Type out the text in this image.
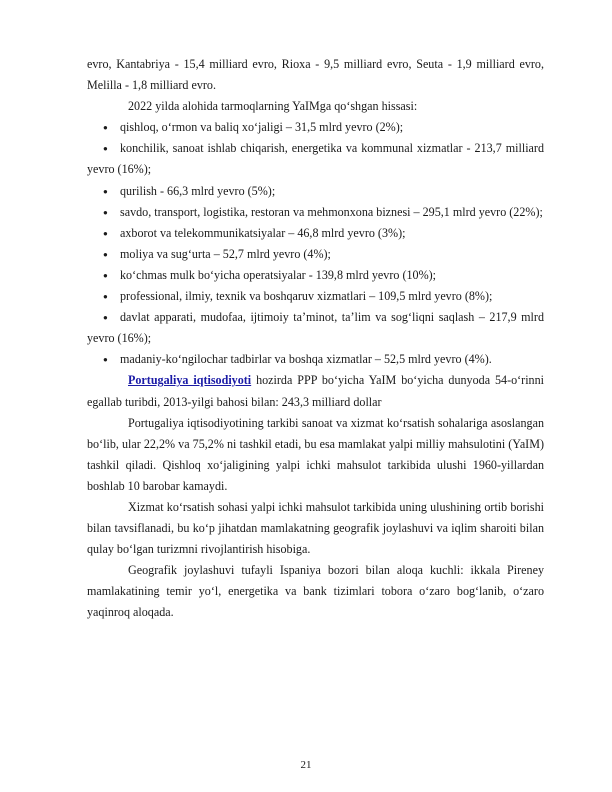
evro, Kantabriya - 15,4 milliard evro, Rioxa - 9,5 milliard evro, Seuta - 1,9 milliard evro, Melilla - 1,8 milliard evro.

2022 yilda alohida tarmoqlarning YaIMga qo‘shgan hissasi:

●	qishloq, o‘rmon va baliq xo‘jaligi – 31,5 mlrd yevro (2%);
●	konchilik, sanoat ishlab chiqarish, energetika va kommunal xizmatlar - 213,7 milliard yevro (16%);
●	qurilish - 66,3 mlrd yevro (5%);
●	savdo, transport, logistika, restoran va mehmonxona biznesi – 295,1 mlrd yevro (22%);
●	axborot va telekommunikatsiyalar – 46,8 mlrd yevro (3%);
●	moliya va sug‘urta – 52,7 mlrd yevro (4%);
●	ko‘chmas mulk bo‘yicha operatsiyalar - 139,8 mlrd yevro (10%);
●	professional, ilmiy, texnik va boshqaruv xizmatlari – 109,5 mlrd yevro (8%);
●	davlat apparati, mudofaa, ijtimoiy ta’minot, ta’lim va sog‘liqni saqlash – 217,9 mlrd yevro (16%);
●	madaniy-ko‘ngilochar tadbirlar va boshqa xizmatlar – 52,5 mlrd yevro (4%).

Portugaliya iqtisodiyoti hozirda PPP bo‘yicha YaIM bo‘yicha dunyoda 54-o‘rinni egallab turibdi, 2013-yilgi bahosi bilan: 243,3 milliard dollar

Portugaliya iqtisodiyotining tarkibi sanoat va xizmat ko‘rsatish sohalariga asoslangan bo‘lib, ular 22,2% va 75,2% ni tashkil etadi, bu esa mamlakat yalpi milliy mahsulotini (YaIM) tashkil qiladi. Qishloq xo‘jaligining yalpi ichki mahsulot tarkibida ulushi 1960-yillardan boshlab 10 barobar kamaydi.

Xizmat ko‘rsatish sohasi yalpi ichki mahsulot tarkibida uning ulushining ortib borishi bilan tavsiflanadi, bu ko‘p jihatdan mamlakatning geografik joylashuvi va iqlim sharoiti bilan qulay bo‘lgan turizmni rivojlantirish hisobiga.

Geografik joylashuvi tufayli Ispaniya bozori bilan aloqa kuchli: ikkala Pireney mamlakatining temir yo‘l, energetika va bank tizimlari tobora o‘zaro bog‘lanib, o‘zaro yaqinroq aloqada.

21
